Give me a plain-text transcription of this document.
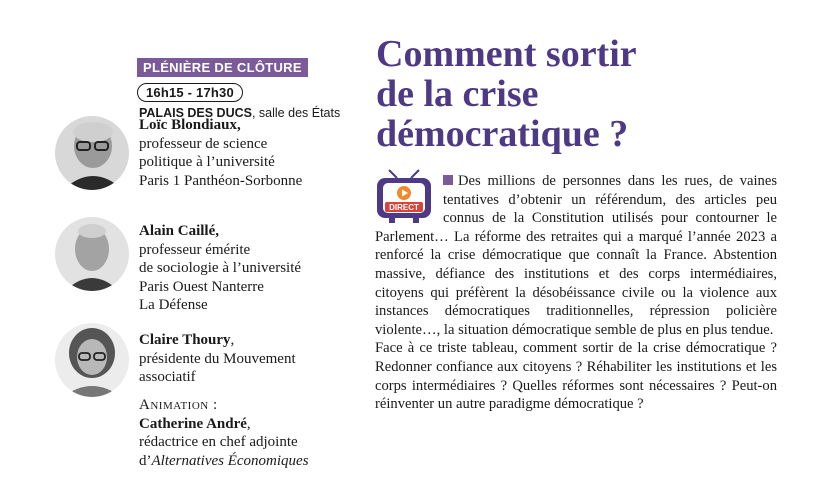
PLÉNIÈRE DE CLÔTURE
16h15 - 17h30
PALAIS DES DUCS, salle des États
Loïc Blondiaux,
professeur de science
politique à l’université
Paris 1 Panthéon-Sorbonne
Alain Caillé,
professeur émérite
de sociologie à l’université
Paris Ouest Nanterre
La Défense
Claire Thoury,
présidente du Mouvement
associatif
Animation :
Catherine André,
rédactrice en chef adjointe
d’Alternatives Économiques
Comment sortir
de la crise
démocratique ?
DIRECT

Des millions de personnes dans les rues, de vaines tentatives d’obtenir un référendum, des articles peu connus de la Constitution utilisés pour contourner le Parlement… La réforme des retraites qui a marqué l’année 2023 a renforcé la crise démocratique que connaît la France. Abstention massive, défiance des institutions et des corps intermédiaires, citoyens qui préfèrent la désobéissance civile ou la violence aux instances démocratiques traditionnelles, répression policière violente…, la situation démocratique semble de plus en plus tendue.

Face à ce triste tableau, comment sortir de la crise démocratique ? Redonner confiance aux citoyens ? Réhabiliter les institutions et les corps intermédiaires ? Quelles réformes sont nécessaires ? Peut-on réinventer un autre paradigme démocratique ?
